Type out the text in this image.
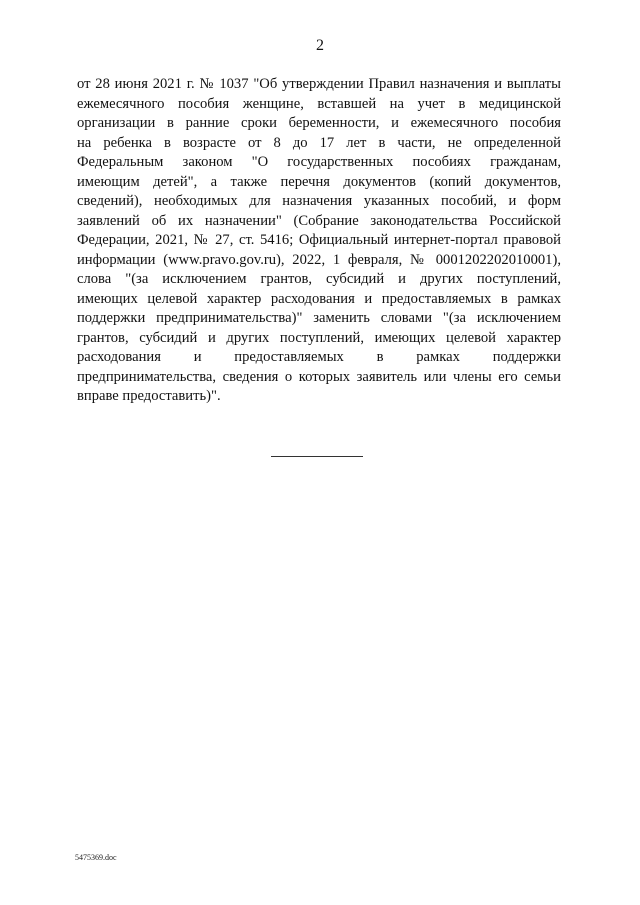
2
от 28 июня 2021 г. № 1037 "Об утверждении Правил назначения и выплаты
ежемесячного пособия женщине, вставшей на учет в медицинской
организации в ранние сроки беременности, и ежемесячного пособия
на ребенка в возрасте от 8 до 17 лет в части, не определенной
Федеральным законом "О государственных пособиях гражданам,
имеющим детей", а также перечня документов (копий документов,
сведений), необходимых для назначения указанных пособий, и форм
заявлений об их назначении" (Собрание законодательства Российской
Федерации, 2021, № 27, ст. 5416; Официальный интернет-портал правовой
информации (www.pravo.gov.ru), 2022, 1 февраля, № 0001202202010001),
слова "(за исключением грантов, субсидий и других поступлений,
имеющих целевой характер расходования и предоставляемых в рамках
поддержки предпринимательства)" заменить словами "(за исключением
грантов, субсидий и других поступлений, имеющих целевой характер
расходования и предоставляемых в рамках поддержки
предпринимательства, сведения о которых заявитель или члены его семьи
вправе предоставить)".
5475369.doc
